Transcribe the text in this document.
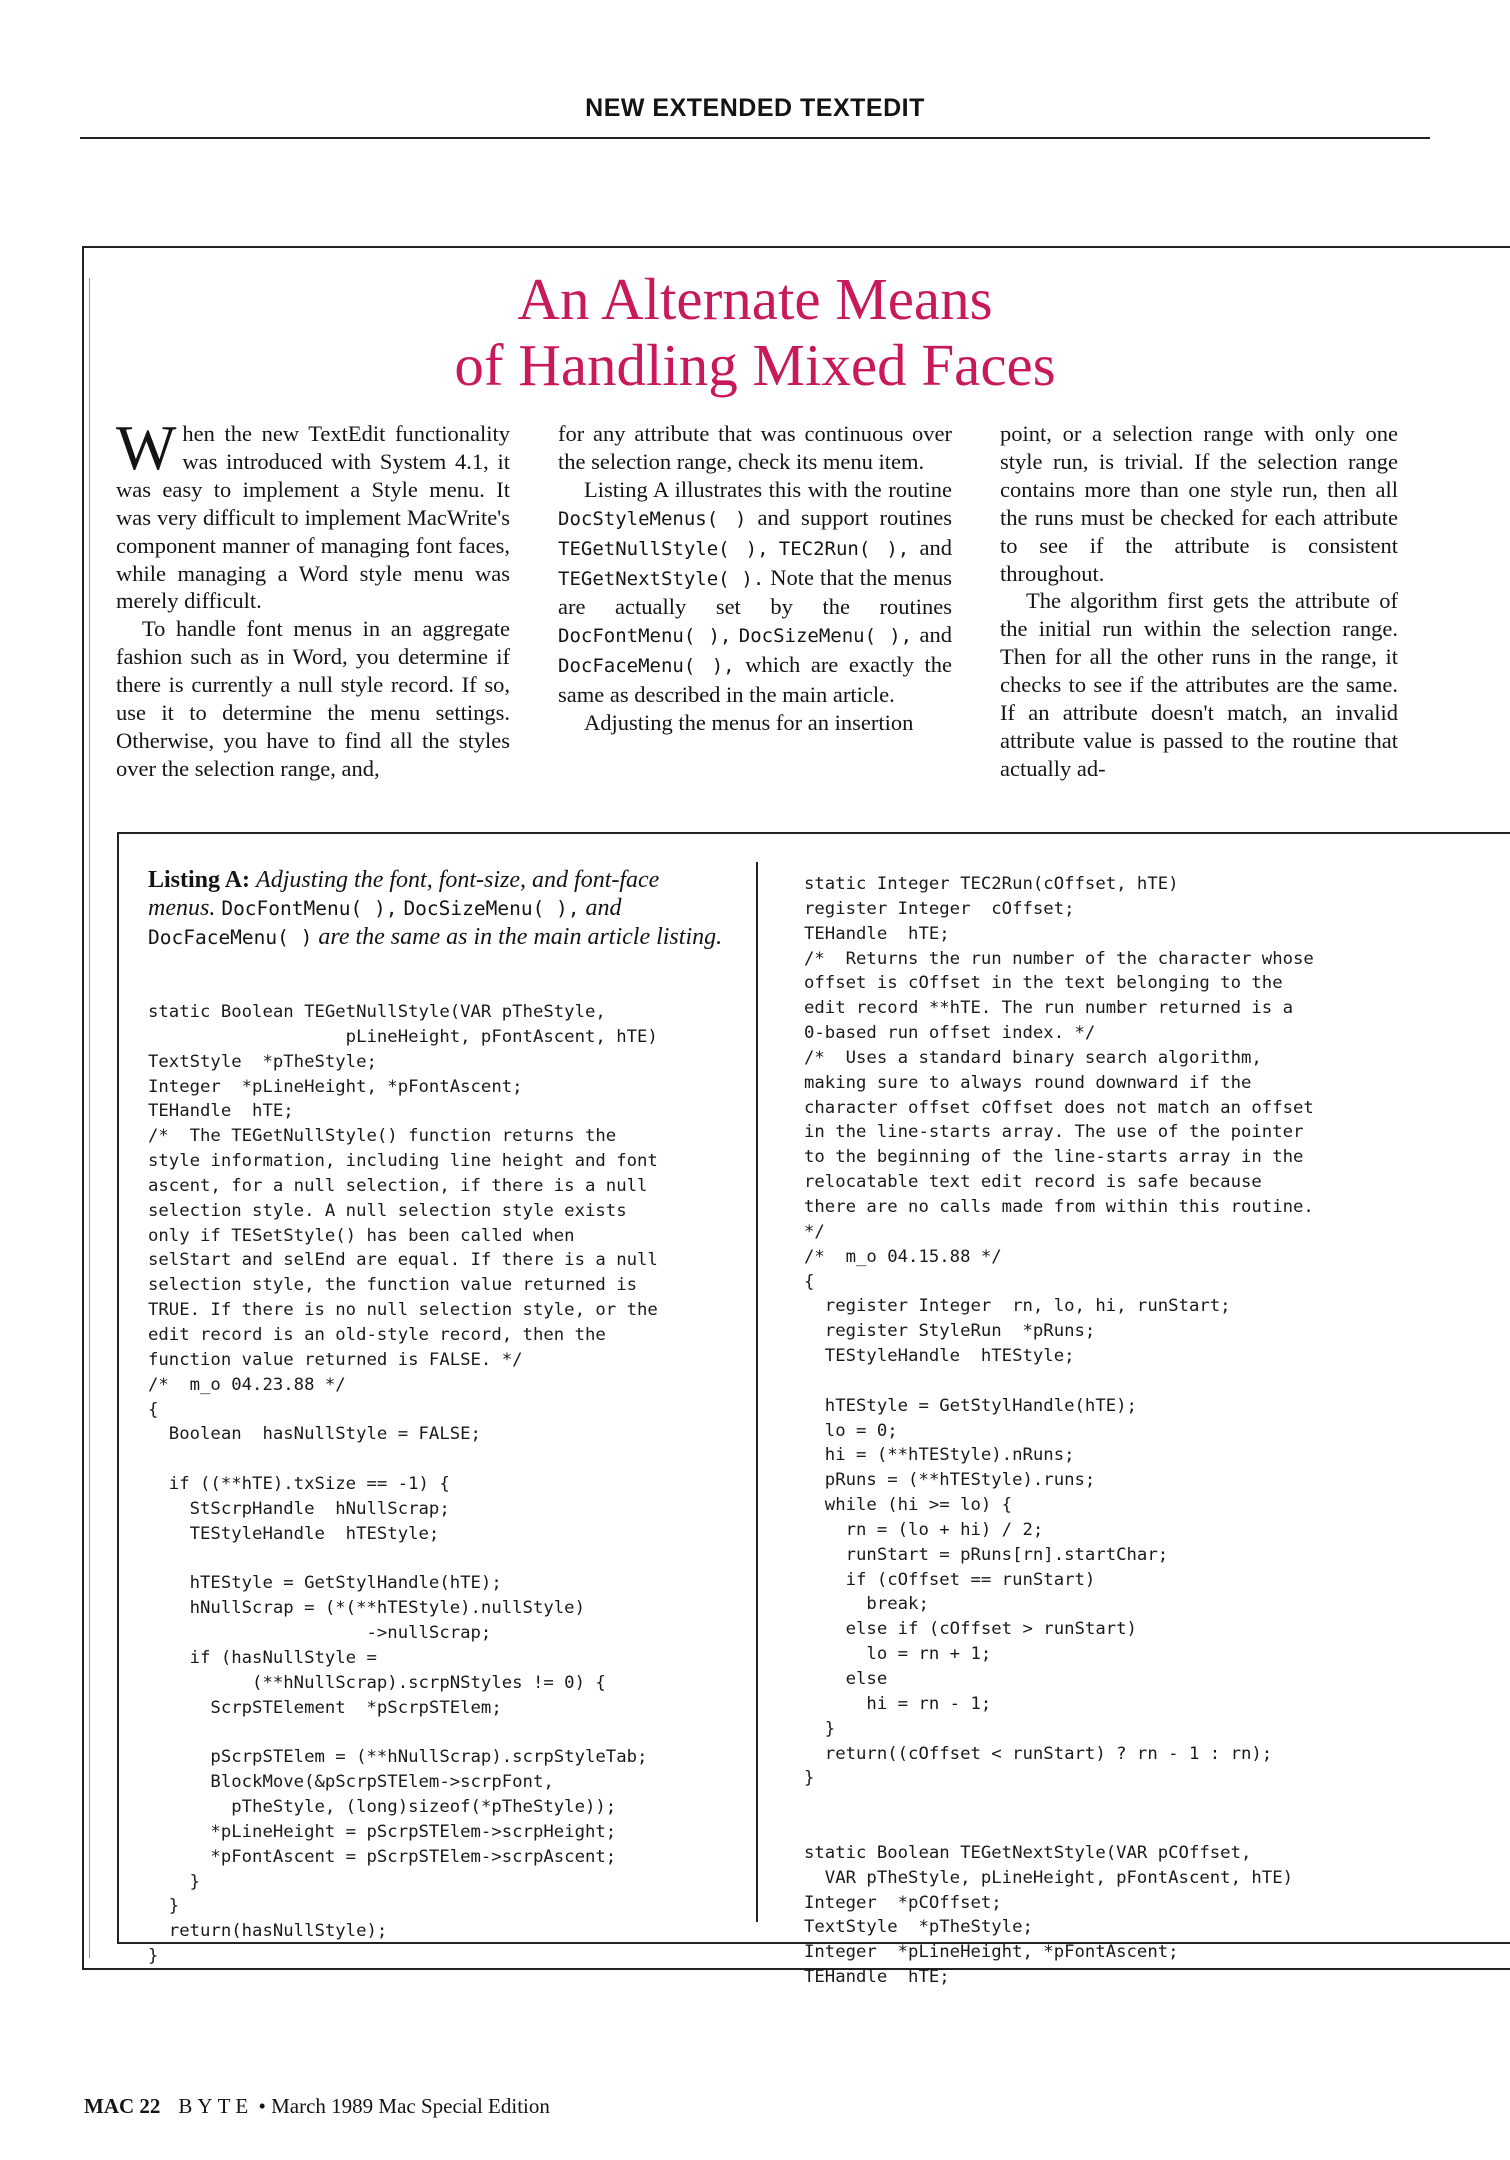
NEW EXTENDED TEXTEDIT
An Alternate Means
of Handling Mixed Faces

When the new TextEdit functionality was introduced with System 4.1, it was easy to implement a Style menu. It was very difficult to implement MacWrite's component manner of managing font faces, while managing a Word style menu was merely difficult.

To handle font menus in an aggregate fashion such as in Word, you determine if there is currently a null style record. If so, use it to determine the menu settings. Otherwise, you have to find all the styles over the selection range, and,

for any attribute that was continuous over the selection range, check its menu item.

Listing A illustrates this with the routine DocStyleMenus( ) and support routines TEGetNullStyle( ), TEC2Run( ), and TEGetNextStyle( ). Note that the menus are actually set by the routines DocFontMenu( ), DocSizeMenu( ), and DocFaceMenu( ), which are exactly the same as described in the main article.

Adjusting the menus for an insertion

point, or a selection range with only one style run, is trivial. If the selection range contains more than one style run, then all the runs must be checked for each attribute to see if the attribute is consistent throughout.

The algorithm first gets the attribute of the initial run within the selection range. Then for all the other runs in the range, it checks to see if the attributes are the same. If an attribute doesn't match, an invalid attribute value is passed to the routine that actually ad-

Listing A: Adjusting the font, font-size, and font-face menus. DocFontMenu( ), DocSizeMenu( ), and DocFaceMenu( ) are the same as in the main article listing.
static Boolean TEGetNullStyle(VAR pTheStyle,
pLineHeight, pFontAscent, hTE)
TextStyle  *pTheStyle;
Integer  *pLineHeight, *pFontAscent;
TEHandle  hTE;
/*  The TEGetNullStyle() function returns the
style information, including line height and font
ascent, for a null selection, if there is a null
selection style. A null selection style exists
only if TESetStyle() has been called when
selStart and selEnd are equal. If there is a null
selection style, the function value returned is
TRUE. If there is no null selection style, or the
edit record is an old-style record, then the
function value returned is FALSE. */
/*  m_o 04.23.88 */
{
Boolean  hasNullStyle = FALSE;

if ((**hTE).txSize == -1) {
StScrpHandle  hNullScrap;
TEStyleHandle  hTEStyle;

hTEStyle = GetStylHandle(hTE);
hNullScrap = (*(**hTEStyle).nullStyle)
->nullScrap;
if (hasNullStyle =
(**hNullScrap).scrpNStyles != 0) {
ScrpSTElement  *pScrpSTElem;

pScrpSTElem = (**hNullScrap).scrpStyleTab;
BlockMove(&pScrpSTElem->scrpFont,
pTheStyle, (long)sizeof(*pTheStyle));
*pLineHeight = pScrpSTElem->scrpHeight;
*pFontAscent = pScrpSTElem->scrpAscent;
}
}
return(hasNullStyle);
}
static Integer TEC2Run(cOffset, hTE)
register Integer  cOffset;
TEHandle  hTE;
/*  Returns the run number of the character whose
offset is cOffset in the text belonging to the
edit record **hTE. The run number returned is a
0-based run offset index. */
/*  Uses a standard binary search algorithm,
making sure to always round downward if the
character offset cOffset does not match an offset
in the line-starts array. The use of the pointer
to the beginning of the line-starts array in the
relocatable text edit record is safe because
there are no calls made from within this routine.
*/
/*  m_o 04.15.88 */
{
register Integer  rn, lo, hi, runStart;
register StyleRun  *pRuns;
TEStyleHandle  hTEStyle;

hTEStyle = GetStylHandle(hTE);
lo = 0;
hi = (**hTEStyle).nRuns;
pRuns = (**hTEStyle).runs;
while (hi >= lo) {
rn = (lo + hi) / 2;
runStart = pRuns[rn].startChar;
if (cOffset == runStart)
break;
else if (cOffset > runStart)
lo = rn + 1;
else
hi = rn - 1;
}
return((cOffset < runStart) ? rn - 1 : rn);
}

static Boolean TEGetNextStyle(VAR pCOffset,
VAR pTheStyle, pLineHeight, pFontAscent, hTE)
Integer  *pCOffset;
TextStyle  *pTheStyle;
Integer  *pLineHeight, *pFontAscent;
TEHandle  hTE;
MAC 22 BYTE • March 1989 Mac Special Edition
